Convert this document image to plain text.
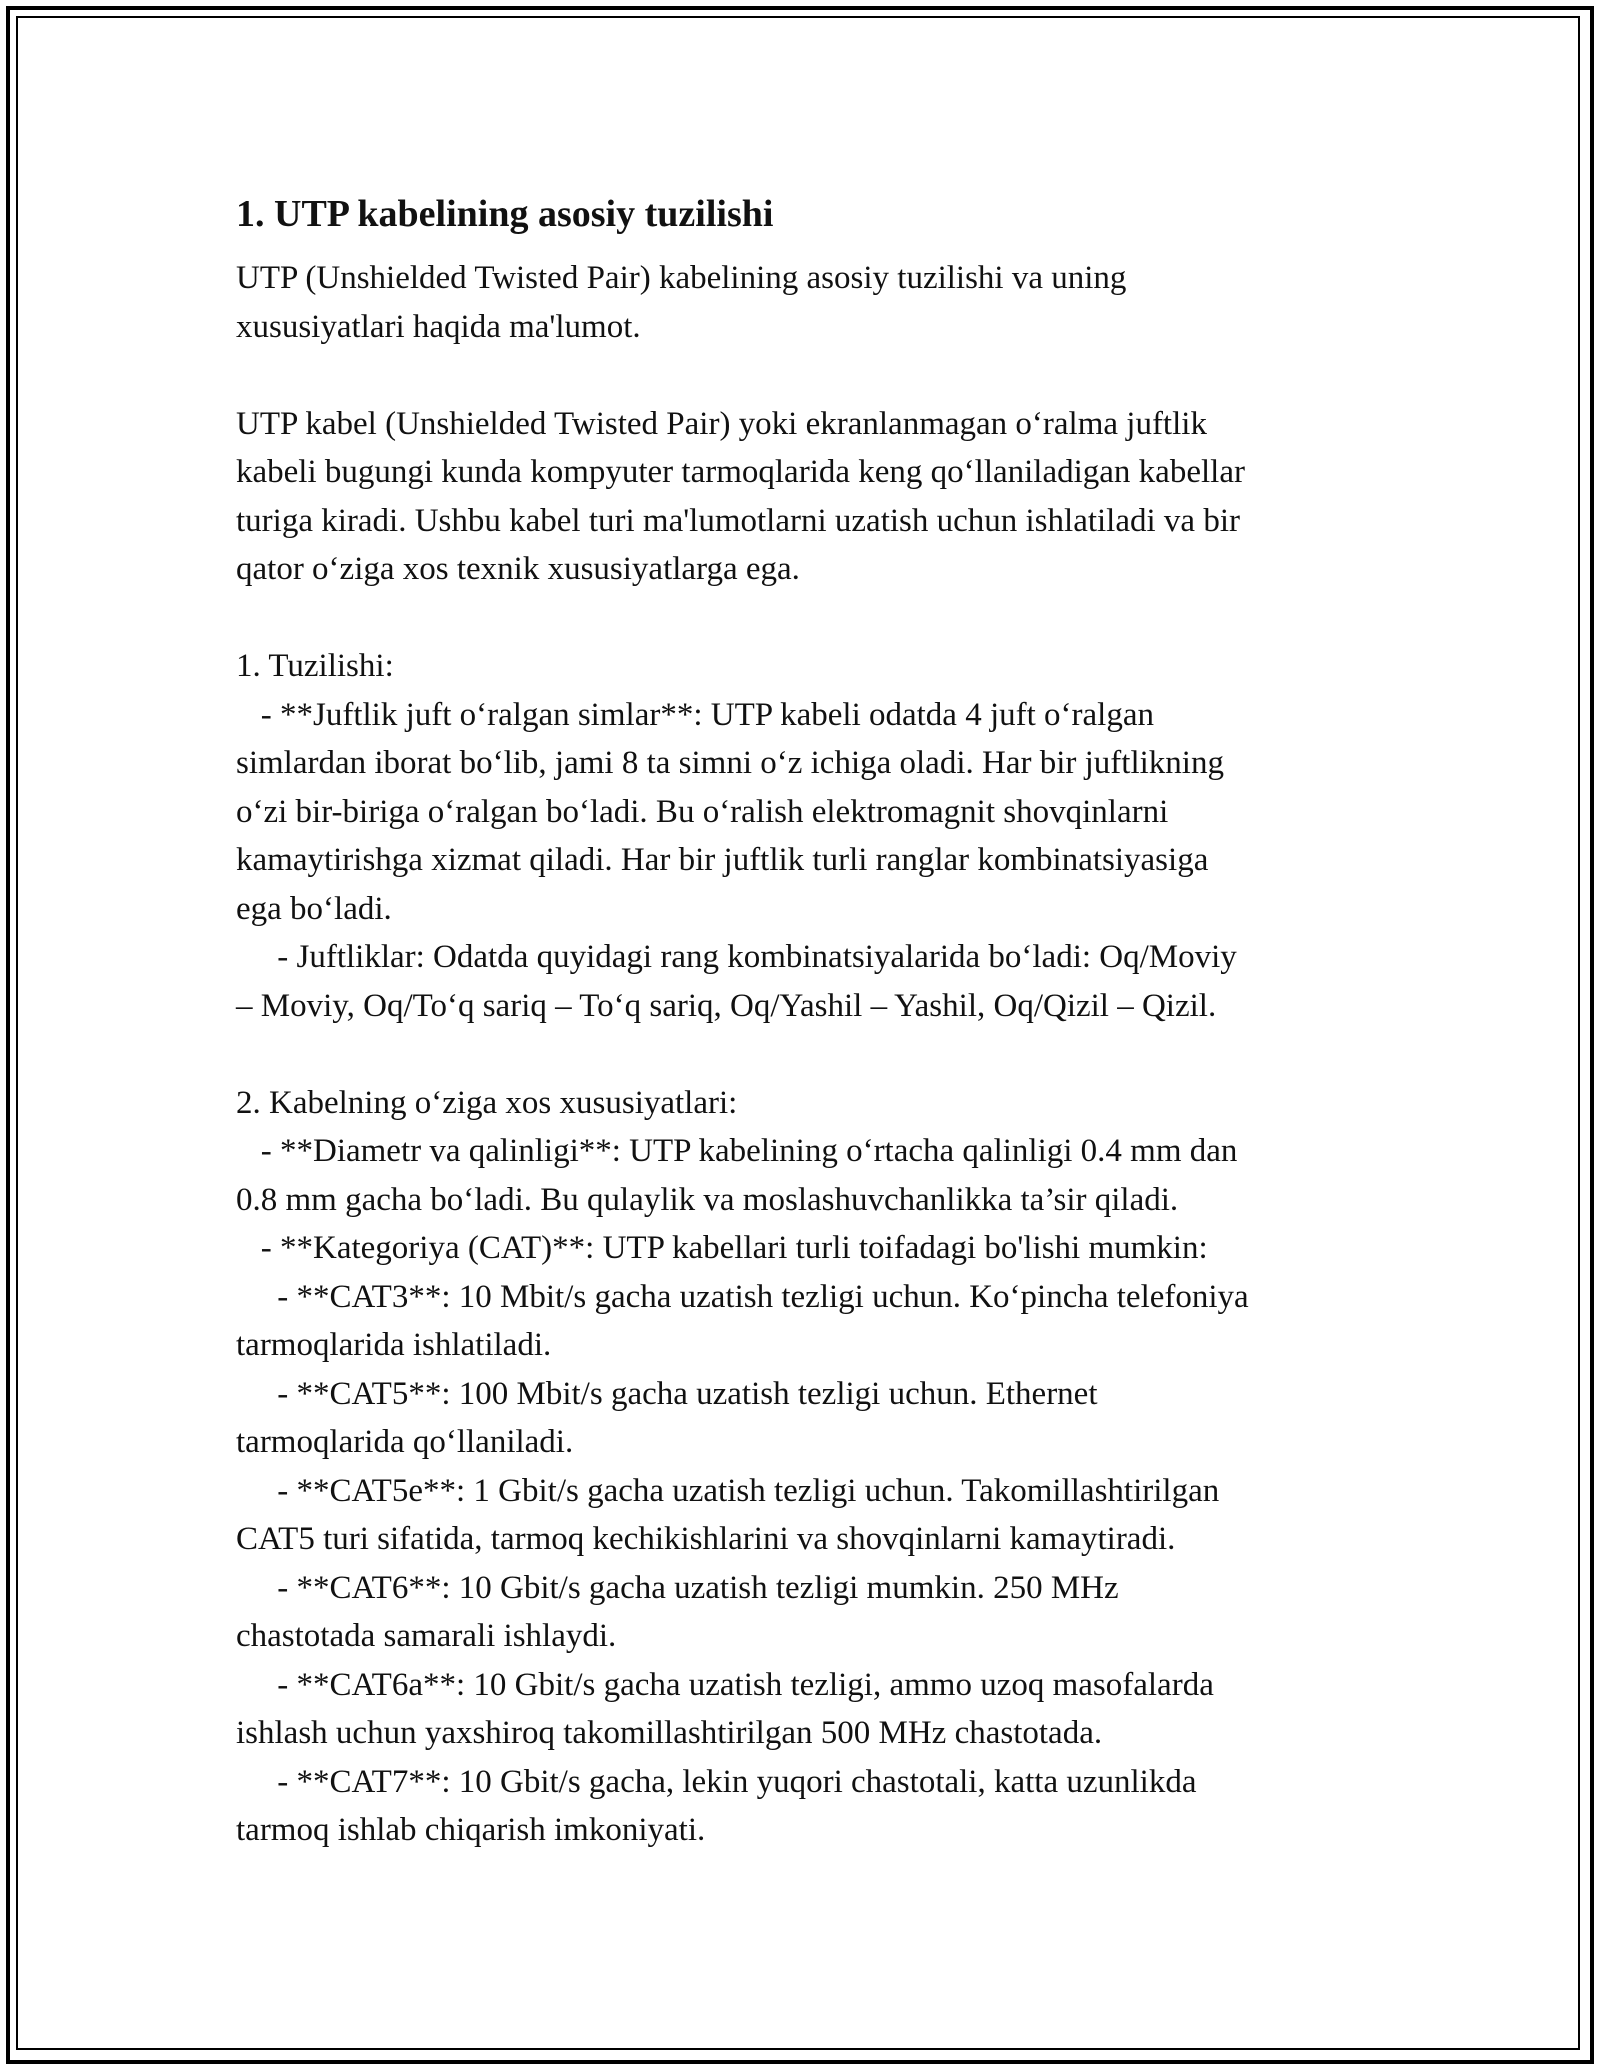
1. UTP kabelining asosiy tuzilishi
UTP (Unshielded Twisted Pair) kabelining asosiy tuzilishi va uning
xususiyatlari haqida ma'lumot.
UTP kabel (Unshielded Twisted Pair) yoki ekranlanmagan o‘ralma juftlik
kabeli bugungi kunda kompyuter tarmoqlarida keng qo‘llaniladigan kabellar
turiga kiradi. Ushbu kabel turi ma'lumotlarni uzatish uchun ishlatiladi va bir
qator o‘ziga xos texnik xususiyatlarga ega.
1. Tuzilishi:
- **Juftlik juft o‘ralgan simlar**: UTP kabeli odatda 4 juft o‘ralgan
simlardan iborat bo‘lib, jami 8 ta simni o‘z ichiga oladi. Har bir juftlikning
o‘zi bir-biriga o‘ralgan bo‘ladi. Bu o‘ralish elektromagnit shovqinlarni
kamaytirishga xizmat qiladi. Har bir juftlik turli ranglar kombinatsiyasiga
ega bo‘ladi.
- Juftliklar: Odatda quyidagi rang kombinatsiyalarida bo‘ladi: Oq/Moviy
– Moviy, Oq/To‘q sariq – To‘q sariq, Oq/Yashil – Yashil, Oq/Qizil – Qizil.
2. Kabelning o‘ziga xos xususiyatlari:
- **Diametr va qalinligi**: UTP kabelining o‘rtacha qalinligi 0.4 mm dan
0.8 mm gacha bo‘ladi. Bu qulaylik va moslashuvchanlikka ta’sir qiladi.
- **Kategoriya (CAT)**: UTP kabellari turli toifadagi bo'lishi mumkin:
- **CAT3**: 10 Mbit/s gacha uzatish tezligi uchun. Ko‘pincha telefoniya
tarmoqlarida ishlatiladi.
- **CAT5**: 100 Mbit/s gacha uzatish tezligi uchun. Ethernet
tarmoqlarida qo‘llaniladi.
- **CAT5e**: 1 Gbit/s gacha uzatish tezligi uchun. Takomillashtirilgan
CAT5 turi sifatida, tarmoq kechikishlarini va shovqinlarni kamaytiradi.
- **CAT6**: 10 Gbit/s gacha uzatish tezligi mumkin. 250 MHz
chastotada samarali ishlaydi.
- **CAT6a**: 10 Gbit/s gacha uzatish tezligi, ammo uzoq masofalarda
ishlash uchun yaxshiroq takomillashtirilgan 500 MHz chastotada.
- **CAT7**: 10 Gbit/s gacha, lekin yuqori chastotali, katta uzunlikda
tarmoq ishlab chiqarish imkoniyati.
